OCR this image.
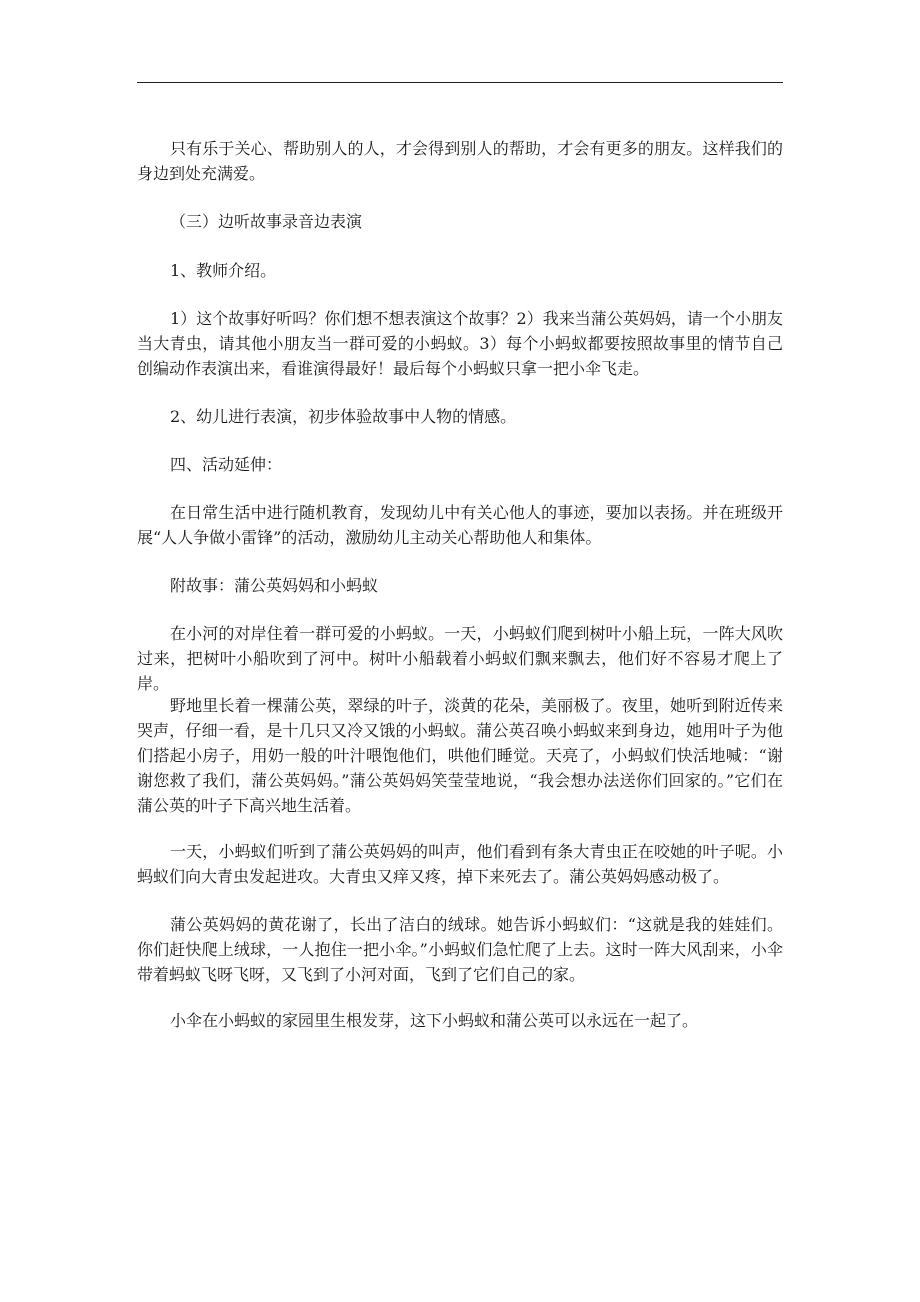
只有乐于关心、帮助别人的人，才会得到别人的帮助，才会有更多的朋友。这样我们的身边到处充满爱。

（三）边听故事录音边表演

1、教师介绍。

1）这个故事好听吗？你们想不想表演这个故事？2）我来当蒲公英妈妈，请一个小朋友当大青虫，请其他小朋友当一群可爱的小蚂蚁。3）每个小蚂蚁都要按照故事里的情节自己创编动作表演出来，看谁演得最好！最后每个小蚂蚁只拿一把小伞飞走。

2、幼儿进行表演，初步体验故事中人物的情感。

四、活动延伸：

在日常生活中进行随机教育，发现幼儿中有关心他人的事迹，要加以表扬。并在班级开展“人人争做小雷锋”的活动，激励幼儿主动关心帮助他人和集体。

附故事：蒲公英妈妈和小蚂蚁

在小河的对岸住着一群可爱的小蚂蚁。一天，小蚂蚁们爬到树叶小船上玩，一阵大风吹过来，把树叶小船吹到了河中。树叶小船载着小蚂蚁们飘来飘去，他们好不容易才爬上了岸。

野地里长着一棵蒲公英，翠绿的叶子，淡黄的花朵，美丽极了。夜里，她听到附近传来哭声，仔细一看，是十几只又冷又饿的小蚂蚁。蒲公英召唤小蚂蚁来到身边，她用叶子为他们搭起小房子，用奶一般的叶汁喂饱他们，哄他们睡觉。天亮了，小蚂蚁们快活地喊：“谢谢您救了我们，蒲公英妈妈。”蒲公英妈妈笑莹莹地说，“我会想办法送你们回家的。”它们在蒲公英的叶子下高兴地生活着。

一天，小蚂蚁们听到了蒲公英妈妈的叫声，他们看到有条大青虫正在咬她的叶子呢。小蚂蚁们向大青虫发起进攻。大青虫又痒又疼，掉下来死去了。蒲公英妈妈感动极了。

蒲公英妈妈的黄花谢了，长出了洁白的绒球。她告诉小蚂蚁们：“这就是我的娃娃们。你们赶快爬上绒球，一人抱住一把小伞。”小蚂蚁们急忙爬了上去。这时一阵大风刮来，小伞带着蚂蚁飞呀飞呀，又飞到了小河对面，飞到了它们自己的家。

小伞在小蚂蚁的家园里生根发芽，这下小蚂蚁和蒲公英可以永远在一起了。
